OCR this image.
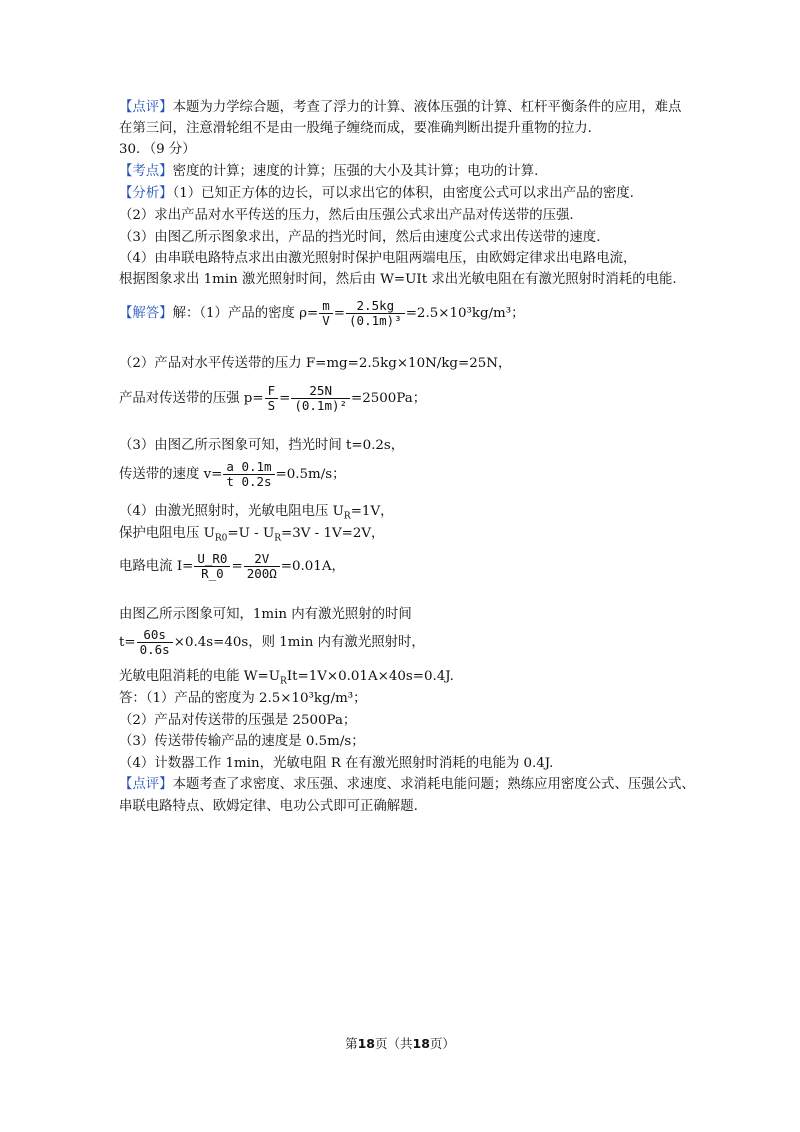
【点评】本题为力学综合题，考查了浮力的计算、液体压强的计算、杠杆平衡条件的应用，难点
在第三问，注意滑轮组不是由一股绳子缠绕而成，要准确判断出提升重物的拉力.
30．（9 分）
【考点】密度的计算；速度的计算；压强的大小及其计算；电功的计算.
【分析】（1）已知正方体的边长，可以求出它的体积，由密度公式可以求出产品的密度.
（2）求出产品对水平传送的压力，然后由压强公式求出产品对传送带的压强.
（3）由图乙所示图象求出，产品的挡光时间，然后由速度公式求出传送带的速度.
（4）由串联电路特点求出由激光照射时保护电阻两端电压，由欧姆定律求出电路电流，
根据图象求出 1min 激光照射时间，然后由 W=UIt 求出光敏电阻在有激光照射时消耗的电能.
【解答】解：（1）产品的密度 $\rho= \frac{m}{V} = \frac{2.5kg}{\text{(0.1m)³}} =2.5\times 10^3kg/m^3$；
（2）产品对水平传送带的压力 F=mg=2.5kg×10N/kg=25N，
产品对传送带的压强 $p= \frac{F}{S} = \frac{25N}{\text{(0.1m)²}} =2500Pa$；
（3）由图乙所示图象可知，挡光时间 t=0.2s，
传送带的速度 $v= \frac{a 0.1m}{t 0.2s} =0.5m/s$；
（4）由激光照射时，光敏电阻电压 $U_R=1V$，
保护电阻电压 $U_{R0}=U - U_R=3V - 1V=2V$，
电路电流 $I= \frac{U\_R0}{R\_0} = \frac{2V}{200\Omega} =0.01A$，
由图乙所示图象可知，1min 内有激光照射的时间
$t= \frac{60s}{0.6s} \times 0.4s=40s$，则 1min 内有激光照射时，
光敏电阻消耗的电能 $W=U_RIt=1V\times 0.01A\times 40s=0.4J$.
答：（1）产品的密度为 2.5×10³kg/m³；
（2）产品对传送带的压强是 2500Pa；
（3）传送带传输产品的速度是 0.5m/s；
（4）计数器工作 1min，光敏电阻 R 在有激光照射时消耗的电能为 0.4J.
【点评】本题考查了求密度、求压强、求速度、求消耗电能问题；熟练应用密度公式、压强公式、
串联电路特点、欧姆定律、电功公式即可正确解题.
第18页（共18页）
